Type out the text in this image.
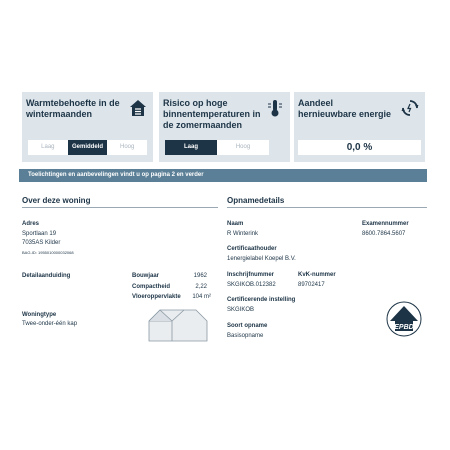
Warmtebehoefte in de wintermaanden
Laag	Gemiddeld	Hoog
Risico op hoge binnentemperaturen in de zomermaanden
Laag	Hoog
Aandeel hernieuwbare energie
0,0 %
Toelichtingen en aanbevelingen vindt u op pagina 2 en verder
Over deze woning
Adres
Sportlaan 19
7035AS Kilder
BAG-ID: 1955010000032068
Detailaanduiding	Bouwjaar	1962
Compactheid	2,22
Vloeroppervlakte	104 m²
Woningtype
Twee-onder-één kap
Opnamedetails
Naam
R Winterink
Examennummer
8600.7864.5607
Certificaathouder
1energielabel Koepel B.V.
Inschrijfnummer
SKGIKOB.012382
KvK-nummer
89702417
Certificerende instelling
SKGIKOB
Soort opname
Basisopname
EPBD
